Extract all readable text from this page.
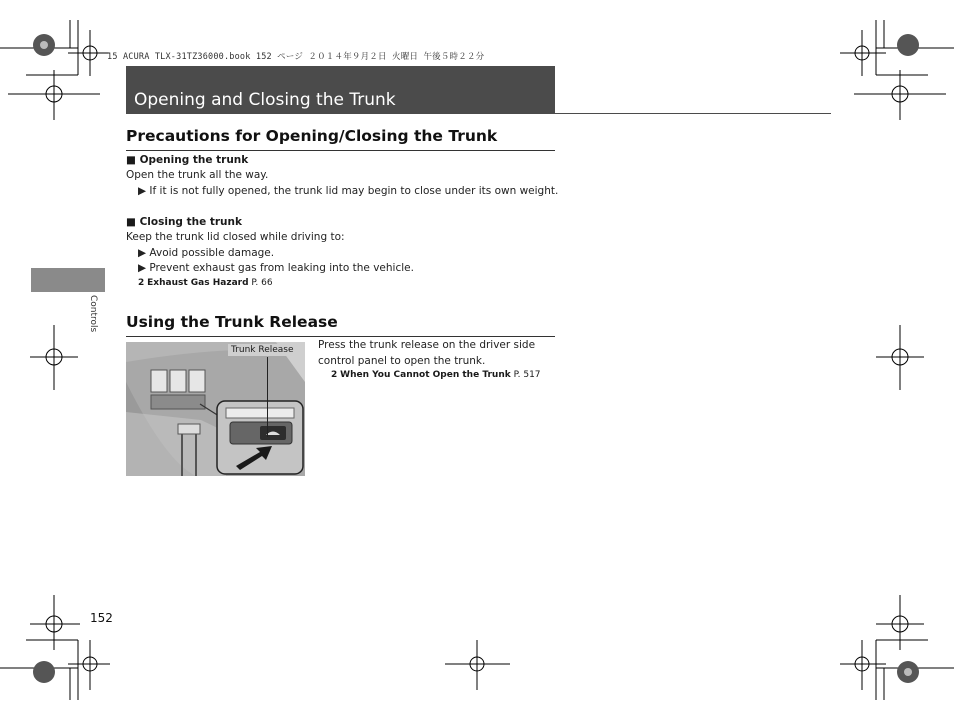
15 ACURA TLX-31TZ36000.book 152 ページ ２０１４年９月２日 火曜日 午後５時２２分
Opening and Closing the Trunk
Controls
Precautions for Opening/Closing the Trunk
■ Opening the trunk
Open the trunk all the way.
▶ If it is not fully opened, the trunk lid may begin to close under its own weight.
■ Closing the trunk
Keep the trunk lid closed while driving to:
▶ Avoid possible damage.
▶ Prevent exhaust gas from leaking into the vehicle.
2 Exhaust Gas Hazard P. 66
Using the Trunk Release
Trunk Release Press the trunk release on the driver side
control panel to open the trunk.
2 When You Cannot Open the Trunk P. 517
152
